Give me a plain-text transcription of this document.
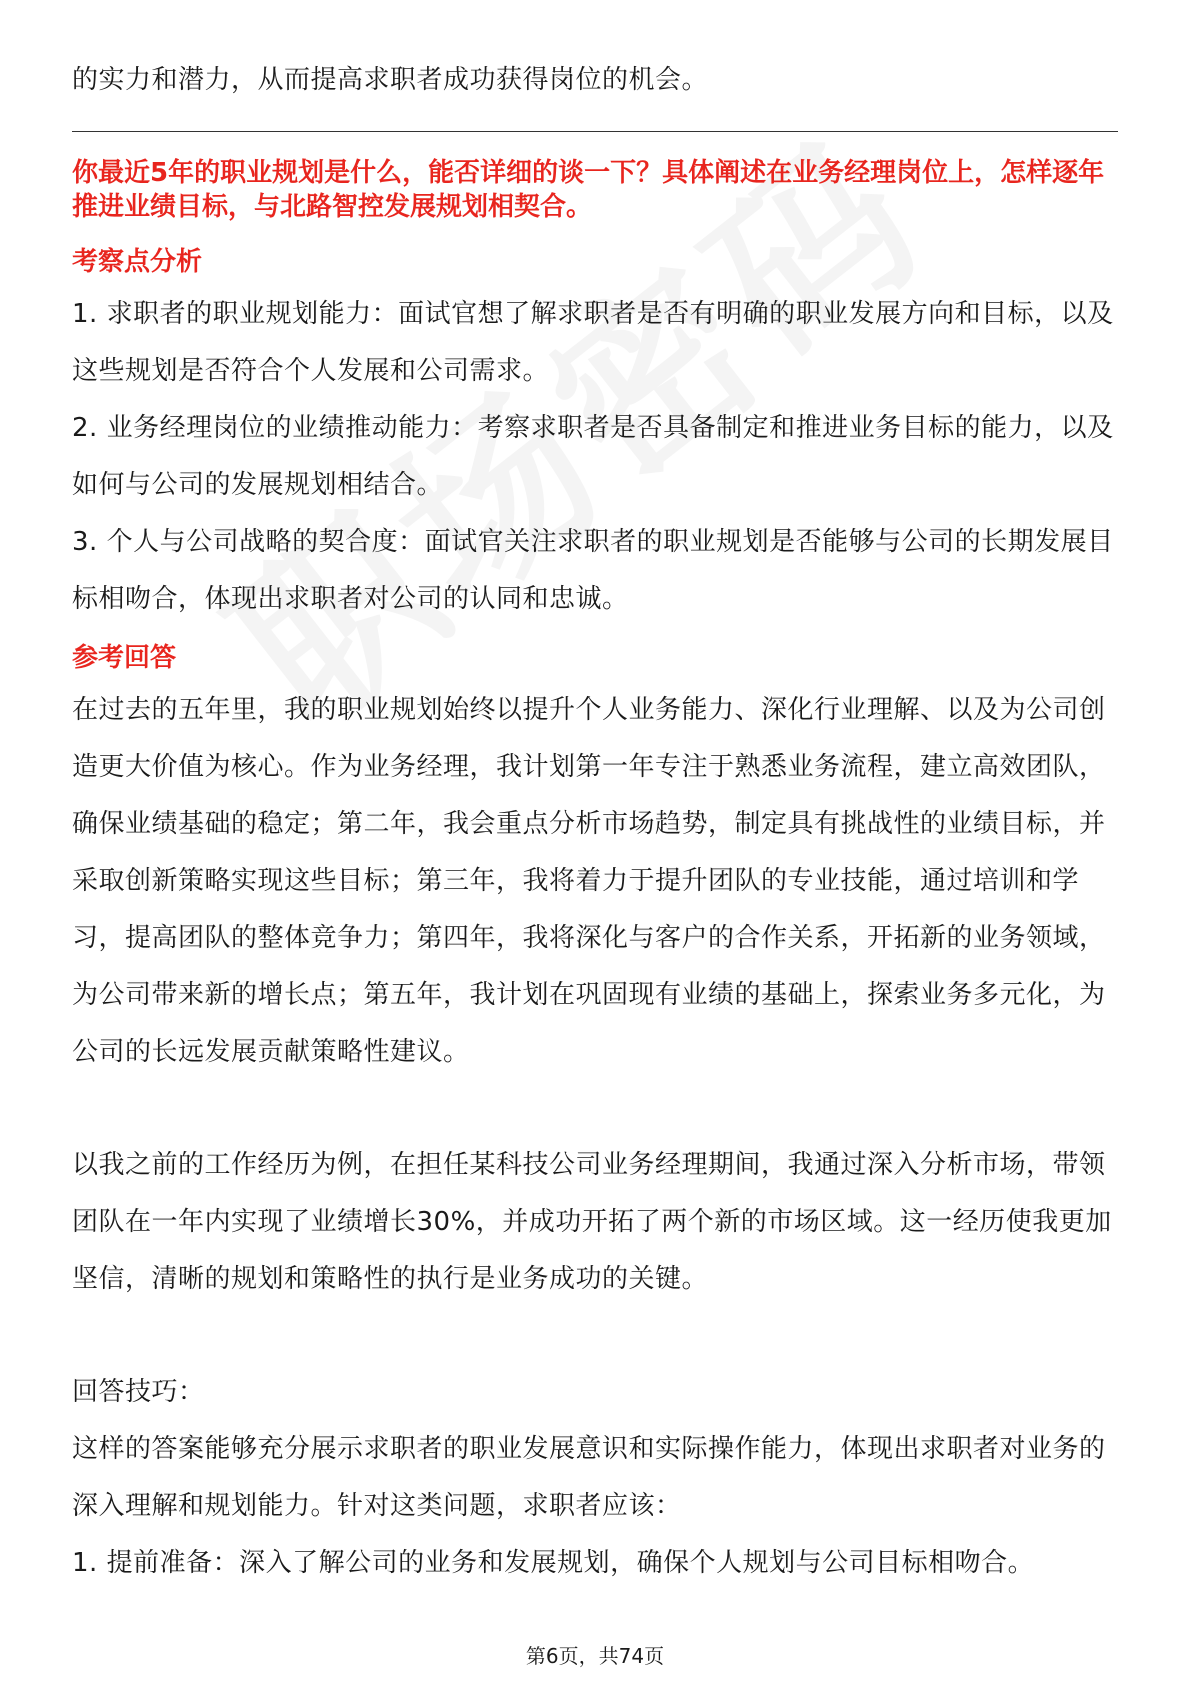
的实力和潜力，从而提高求职者成功获得岗位的机会。

你最近5年的职业规划是什么，能否详细的谈一下？具体阐述在业务经理岗位上，怎样逐年推进业绩目标，与北路智控发展规划相契合。

考察点分析

1. 求职者的职业规划能力：面试官想了解求职者是否有明确的职业发展方向和目标，以及这些规划是否符合个人发展和公司需求。

2. 业务经理岗位的业绩推动能力：考察求职者是否具备制定和推进业务目标的能力，以及如何与公司的发展规划相结合。

3. 个人与公司战略的契合度：面试官关注求职者的职业规划是否能够与公司的长期发展目标相吻合，体现出求职者对公司的认同和忠诚。

参考回答

在过去的五年里，我的职业规划始终以提升个人业务能力、深化行业理解、以及为公司创造更大价值为核心。作为业务经理，我计划第一年专注于熟悉业务流程，建立高效团队，确保业绩基础的稳定；第二年，我会重点分析市场趋势，制定具有挑战性的业绩目标，并采取创新策略实现这些目标；第三年，我将着力于提升团队的专业技能，通过培训和学习，提高团队的整体竞争力；第四年，我将深化与客户的合作关系，开拓新的业务领域，为公司带来新的增长点；第五年，我计划在巩固现有业绩的基础上，探索业务多元化，为公司的长远发展贡献策略性建议。

以我之前的工作经历为例，在担任某科技公司业务经理期间，我通过深入分析市场，带领团队在一年内实现了业绩增长30%，并成功开拓了两个新的市场区域。这一经历使我更加坚信，清晰的规划和策略性的执行是业务成功的关键。

回答技巧：

这样的答案能够充分展示求职者的职业发展意识和实际操作能力，体现出求职者对业务的深入理解和规划能力。针对这类问题，求职者应该：

1. 提前准备：深入了解公司的业务和发展规划，确保个人规划与公司目标相吻合。

第6页，共74页
